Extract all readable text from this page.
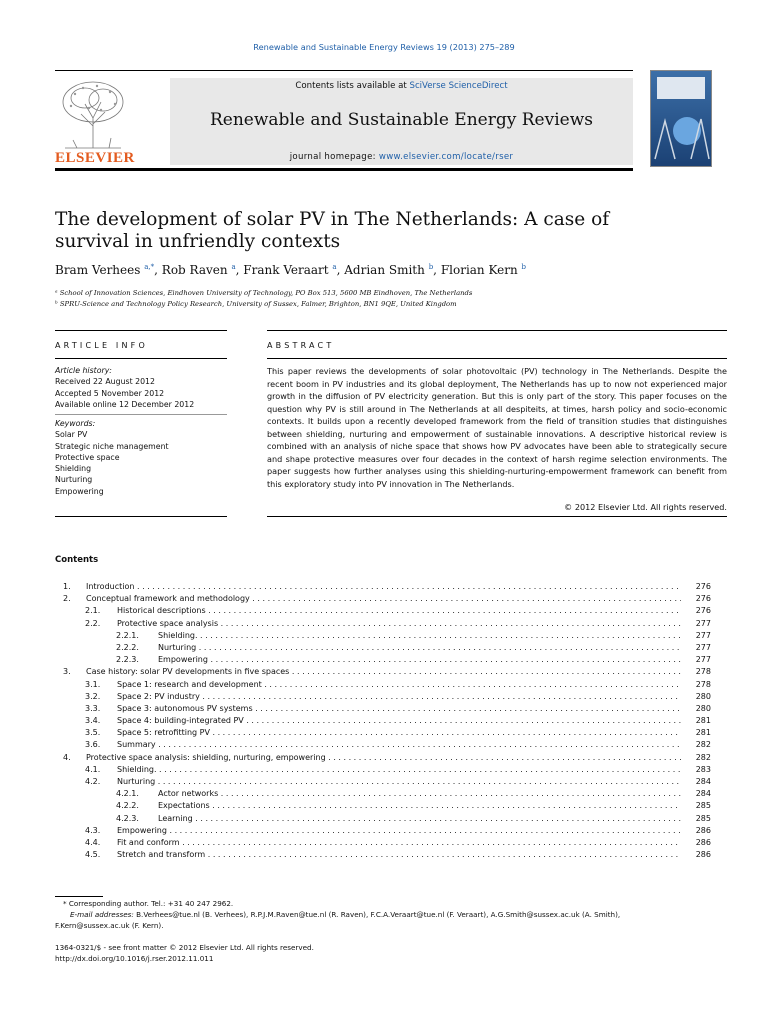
Renewable and Sustainable Energy Reviews 19 (2013) 275–289
ELSEVIER
Contents lists available at SciVerse ScienceDirect
Renewable and Sustainable Energy Reviews
journal homepage: www.elsevier.com/locate/rser
The development of solar PV in The Netherlands: A case of survival in unfriendly contexts
Bram Verhees $^{a,*}$, Rob Raven $^a$, Frank Veraart $^a$, Adrian Smith $^b$, Florian Kern $^b$
ᵃ School of Innovation Sciences, Eindhoven University of Technology, PO Box 513, 5600 MB Eindhoven, The Netherlands
ᵇ SPRU-Science and Technology Policy Research, University of Sussex, Falmer, Brighton, BN1 9QE, United Kingdom
ARTICLE INFO
Article history:
Received 22 August 2012
Accepted 5 November 2012
Available online 12 December 2012
Keywords:
Solar PV
Strategic niche management
Protective space
Shielding
Nurturing
Empowering
ABSTRACT
This paper reviews the developments of solar photovoltaic (PV) technology in The Netherlands. Despite the recent boom in PV industries and its global deployment, The Netherlands has up to now not experienced major growth in the diffusion of PV electricity generation. But this is only part of the story. This paper focuses on the question why PV is still around in The Netherlands at all despiteits, at times, harsh policy and socio-economic contexts. It builds upon a recently developed framework from the field of transition studies that distinguishes between shielding, nurturing and empowerment of sustainable innovations. A descriptive historical review is combined with an analysis of niche space that shows how PV advocates have been able to strategically secure and shape protective measures over four decades in the context of harsh regime selection environments. The paper suggests how further analyses using this shielding-nurturing-empowerment framework can benefit from this exploratory study into PV innovation in The Netherlands.
© 2012 Elsevier Ltd. All rights reserved.
Contents
1. Introduction . . .	276
2. Conceptual framework and methodology . . .	276
2.1. Historical descriptions . . .	276
2.2. Protective space analysis . . .	277
2.2.1. Shielding. . . .	277
2.2.2. Nurturing . . .	277
2.2.3. Empowering . . .	277
3. Case history: solar PV developments in five spaces . . .	278
3.1. Space 1: research and development . . .	278
3.2. Space 2: PV industry . . .	280
3.3. Space 3: autonomous PV systems . . .	280
3.4. Space 4: building-integrated PV . . .	281
3.5. Space 5: retrofitting PV . . .	281
3.6. Summary . . .	282
4. Protective space analysis: shielding, nurturing, empowering . . .	282
4.1. Shielding. . . .	283
4.2. Nurturing . . .	284
4.2.1. Actor networks . . .	284
4.2.2. Expectations . . .	285
4.2.3. Learning . . .	285
4.3. Empowering . . .	286
4.4. Fit and conform . . .	286
4.5. Stretch and transform . . .	286
* Corresponding author. Tel.: +31 40 247 2962.
E-mail addresses: B.Verhees@tue.nl (B. Verhees), R.P.J.M.Raven@tue.nl (R. Raven), F.C.A.Veraart@tue.nl (F. Veraart), A.G.Smith@sussex.ac.uk (A. Smith),
F.Kern@sussex.ac.uk (F. Kern).
1364-0321/$ - see front matter © 2012 Elsevier Ltd. All rights reserved.
http://dx.doi.org/10.1016/j.rser.2012.11.011
